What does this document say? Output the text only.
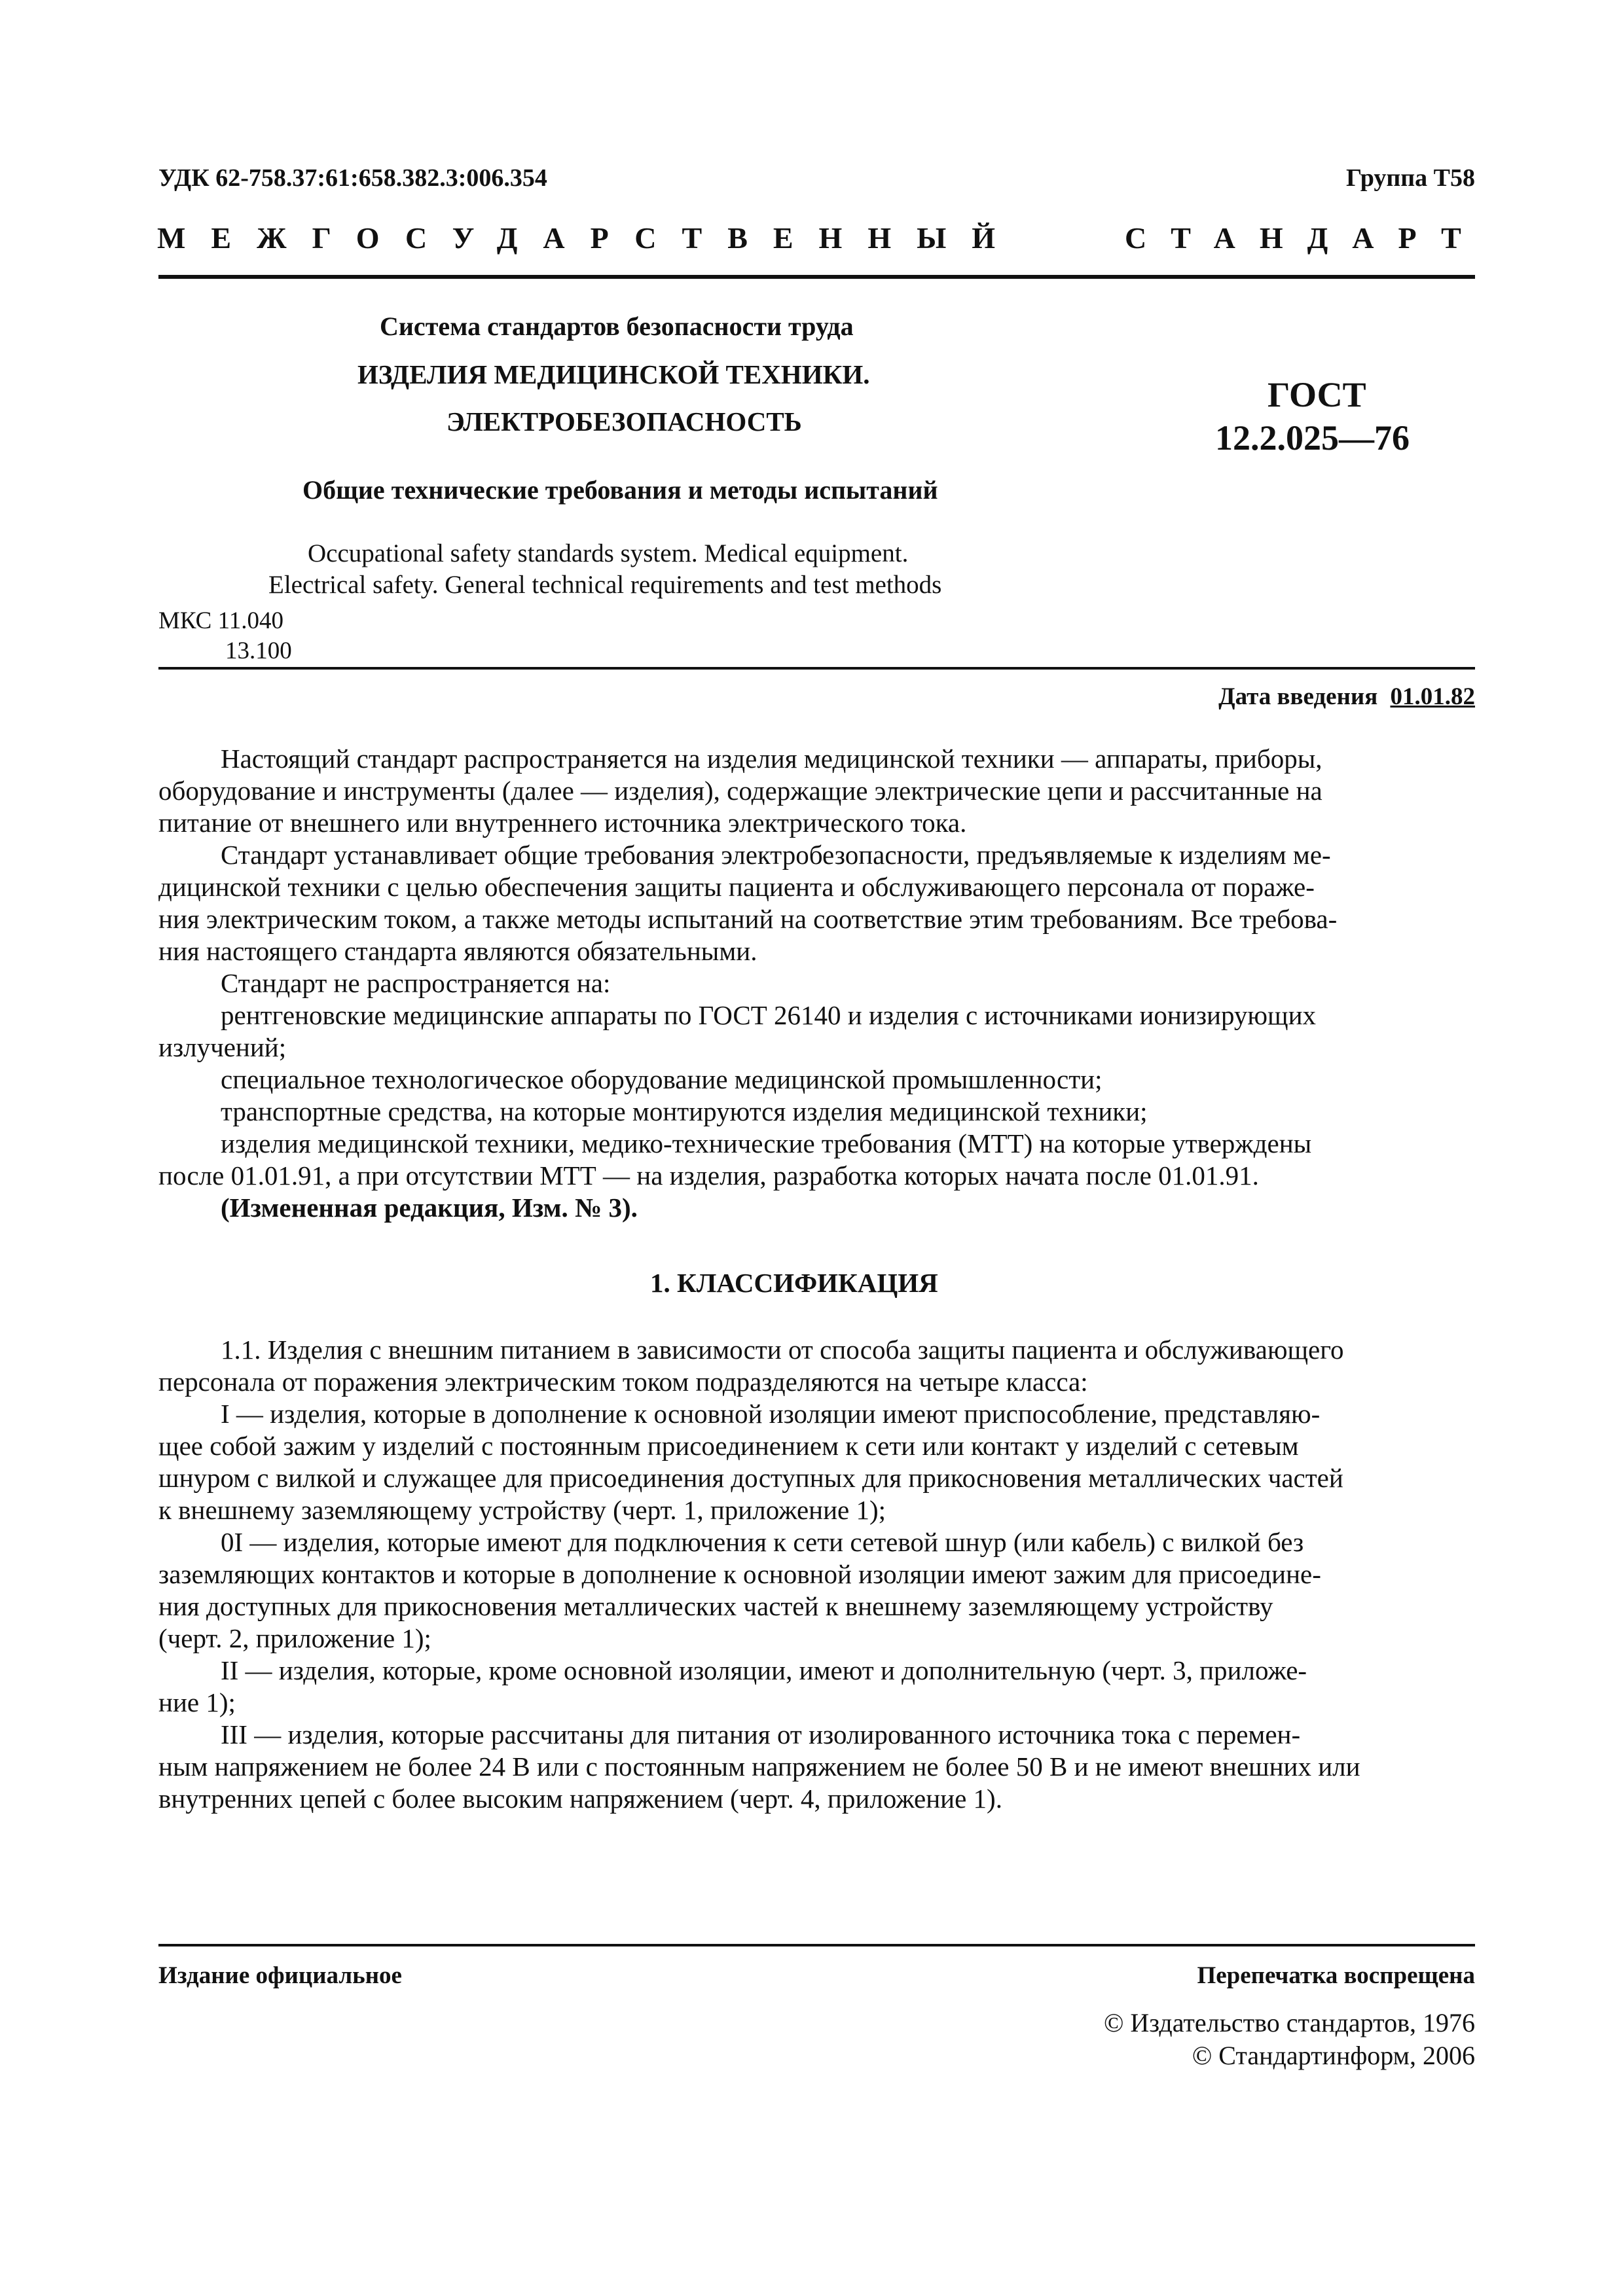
УДК 62-758.37:61:658.382.3:006.354	Группа Т58
МЕЖГОСУДАРСТВЕННЫЙ	СТАНДАРТ
Система стандартов безопасности труда
ИЗДЕЛИЯ МЕДИЦИНСКОЙ ТЕХНИКИ.
ЭЛЕКТРОБЕЗОПАСНОСТЬ
Общие технические требования и методы испытаний
ГОСТ
12.2.025—76
Occupational safety standards system. Medical equipment.
Electrical safety. General technical requirements and test methods
МКС 11.040
13.100
Дата введения 01.01.82
Настоящий стандарт распространяется на изделия медицинской техники — аппараты, приборы,
оборудование и инструменты (далее — изделия), содержащие электрические цепи и рассчитанные на
питание от внешнего или внутреннего источника электрического тока.
Стандарт устанавливает общие требования электробезопасности, предъявляемые к изделиям ме-
дицинской техники с целью обеспечения защиты пациента и обслуживающего персонала от пораже-
ния электрическим током, а также методы испытаний на соответствие этим требованиям. Все требова-
ния настоящего стандарта являются обязательными.
Стандарт не распространяется на:
рентгеновские медицинские аппараты по ГОСТ 26140 и изделия с источниками ионизирующих
излучений;
специальное технологическое оборудование медицинской промышленности;
транспортные средства, на которые монтируются изделия медицинской техники;
изделия медицинской техники, медико-технические требования (МТТ) на которые утверждены
после 01.01.91, а при отсутствии МТТ — на изделия, разработка которых начата после 01.01.91.
(Измененная редакция, Изм. № 3).
1. КЛАССИФИКАЦИЯ
1.1. Изделия с внешним питанием в зависимости от способа защиты пациента и обслуживающего
персонала от поражения электрическим током подразделяются на четыре класса:
I — изделия, которые в дополнение к основной изоляции имеют приспособление, представляю-
щее собой зажим у изделий с постоянным присоединением к сети или контакт у изделий с сетевым
шнуром с вилкой и служащее для присоединения доступных для прикосновения металлических частей
к внешнему заземляющему устройству (черт. 1, приложение 1);
0I — изделия, которые имеют для подключения к сети сетевой шнур (или кабель) с вилкой без
заземляющих контактов и которые в дополнение к основной изоляции имеют зажим для присоедине-
ния доступных для прикосновения металлических частей к внешнему заземляющему устройству
(черт. 2, приложение 1);
II — изделия, которые, кроме основной изоляции, имеют и дополнительную (черт. 3, приложе-
ние 1);
III — изделия, которые рассчитаны для питания от изолированного источника тока с перемен-
ным напряжением не более 24 В или с постоянным напряжением не более 50 В и не имеют внешних или
внутренних цепей с более высоким напряжением (черт. 4, приложение 1).
Издание официальное	Перепечатка воспрещена
© Издательство стандартов, 1976
© Стандартинформ, 2006
